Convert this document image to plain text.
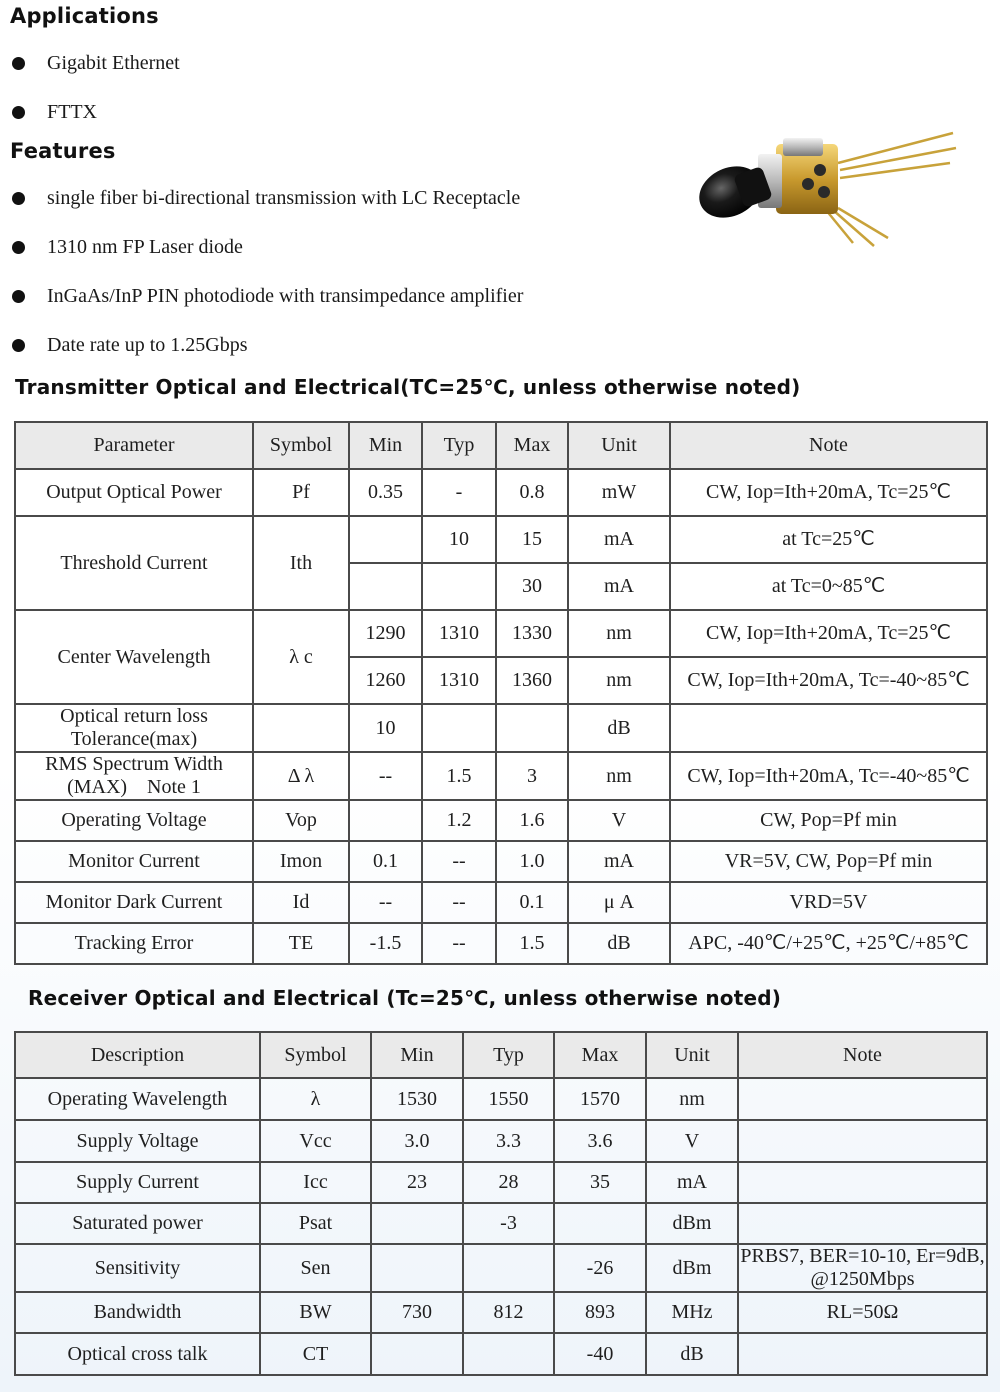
Applications
Gigabit Ethernet
FTTX
Features
single fiber bi-directional transmission with LC Receptacle
1310 nm FP Laser diode
InGaAs/InP PIN photodiode with transimpedance amplifier
Date rate up to 1.25Gbps
Transmitter Optical and Electrical(TC=25℃, unless otherwise noted)
Parameter	Symbol	Min	Typ	Max	Unit	Note
Output Optical Power	Pf	0.35	-	0.8	mW	CW, Iop=Ith+20mA, Tc=25℃
Threshold Current	Ith		10	15	mA	at Tc=25℃
				30	mA	at Tc=0~85℃
Center Wavelength	λ c	1290	1310	1330	nm	CW, Iop=Ith+20mA, Tc=25℃
		1260	1310	1360	nm	CW, Iop=Ith+20mA, Tc=-40~85℃
Optical return loss Tolerance(max)		10			dB	
RMS Spectrum Width (MAX)　Note 1	Δ λ	--	1.5	3	nm	CW, Iop=Ith+20mA, Tc=-40~85℃
Operating Voltage	Vop		1.2	1.6	V	CW, Pop=Pf min
Monitor Current	Imon	0.1	--	1.0	mA	VR=5V, CW, Pop=Pf min
Monitor Dark Current	Id	--	--	0.1	μ A	VRD=5V
Tracking Error	TE	-1.5	--	1.5	dB	APC, -40℃/+25℃, +25℃/+85℃
Receiver Optical and Electrical (Tc=25℃, unless otherwise noted)
Description	Symbol	Min	Typ	Max	Unit	Note
Operating Wavelength	λ	1530	1550	1570	nm	
Supply Voltage	Vcc	3.0	3.3	3.6	V	
Supply Current	Icc	23	28	35	mA	
Saturated power	Psat		-3		dBm	
Sensitivity	Sen			-26	dBm	PRBS7, BER=10-10, Er=9dB, @1250Mbps
Bandwidth	BW	730	812	893	MHz	RL=50Ω
Optical cross talk	CT			-40	dB	
